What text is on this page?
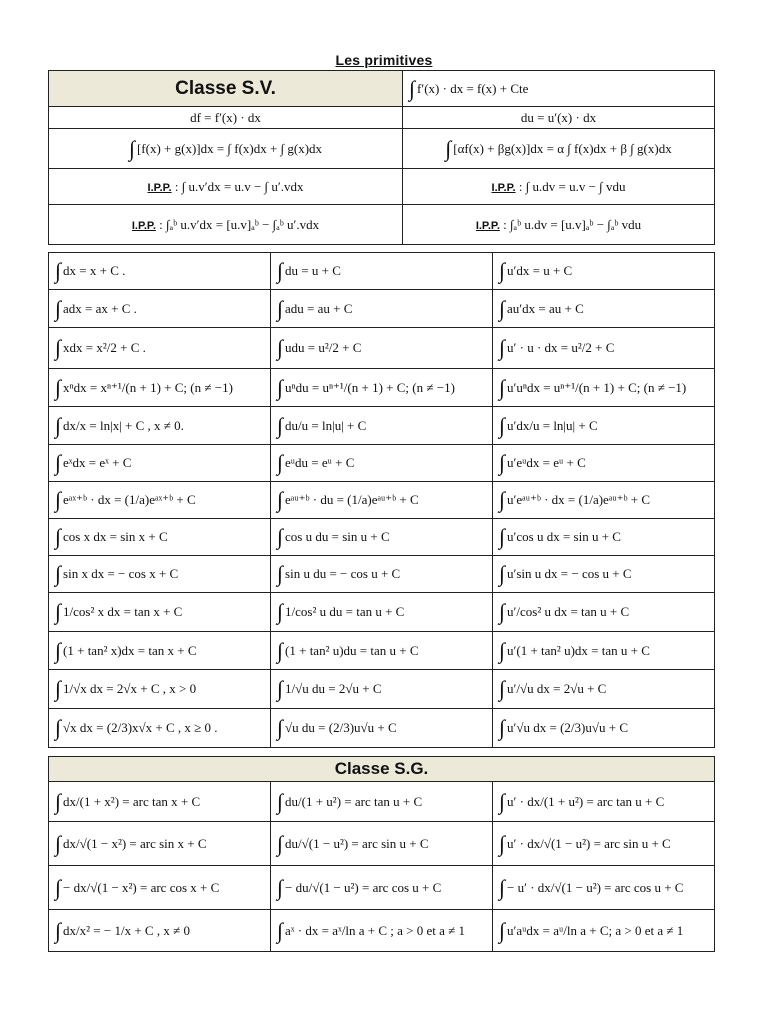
Les primitives
Classe S.V.	∫ f′(x) · dx = f(x) + Cte
df = f′(x) · dx	du = u′(x) · dx
∫ [f(x) + g(x)]dx = ∫ f(x)dx + ∫ g(x)dx	∫ [αf(x) + βg(x)]dx = α ∫ f(x)dx + β ∫ g(x)dx
I.P.P. : ∫ u.v′dx = u.v − ∫ u′.vdx	I.P.P. : ∫ u.dv = u.v − ∫ vdu
I.P.P. : ∫ₐᵇ u.v′dx = [u.v]ₐᵇ − ∫ₐᵇ u′.vdx	I.P.P. : ∫ₐᵇ u.dv = [u.v]ₐᵇ − ∫ₐᵇ vdu
∫ dx = x + C .	∫ du = u + C	∫ u′dx = u + C
∫ adx = ax + C .	∫ adu = au + C	∫ au′dx = au + C
∫ xdx = x²/2 + C .	∫ udu = u²/2 + C	∫ u′ · u · dx = u²/2 + C
∫ xⁿdx = xⁿ⁺¹/(n + 1) + C; (n ≠ −1)	∫ uⁿdu = uⁿ⁺¹/(n + 1) + C; (n ≠ −1)	∫ u′uⁿdx = uⁿ⁺¹/(n + 1) + C; (n ≠ −1)
∫ dx/x = ln|x| + C , x ≠ 0.	∫ du/u = ln|u| + C	∫ u′dx/u = ln|u| + C
∫ eˣdx = eˣ + C	∫ eᵘdu = eᵘ + C	∫ u′eᵘdx = eᵘ + C
∫ eᵃˣ⁺ᵇ · dx = (1/a)eᵃˣ⁺ᵇ + C	∫ eᵃᵘ⁺ᵇ · du = (1/a)eᵃᵘ⁺ᵇ + C	∫ u′eᵃᵘ⁺ᵇ · dx = (1/a)eᵃᵘ⁺ᵇ + C
∫ cos x dx = sin x + C	∫ cos u du = sin u + C	∫ u′cos u dx = sin u + C
∫ sin x dx = − cos x + C	∫ sin u du = − cos u + C	∫ u′sin u dx = − cos u + C
∫ 1/cos² x dx = tan x + C	∫ 1/cos² u du = tan u + C	∫ u′/cos² u dx = tan u + C
∫ (1 + tan² x)dx = tan x + C	∫ (1 + tan² u)du = tan u + C	∫ u′(1 + tan² u)dx = tan u + C
∫ 1/√x dx = 2√x + C , x > 0	∫ 1/√u du = 2√u + C	∫ u′/√u dx = 2√u + C
∫ √x dx = (2/3)x√x + C , x ≥ 0 .	∫ √u du = (2/3)u√u + C	∫ u′√u dx = (2/3)u√u + C
Classe S.G.		
∫ dx/(1 + x²) = arc tan x + C	∫ du/(1 + u²) = arc tan u + C	∫ u′ · dx/(1 + u²) = arc tan u + C
∫ dx/√(1 − x²) = arc sin x + C	∫ du/√(1 − u²) = arc sin u + C	∫ u′ · dx/√(1 − u²) = arc sin u + C
∫ − dx/√(1 − x²) = arc cos x + C	∫ − du/√(1 − u²) = arc cos u + C	∫ − u′ · dx/√(1 − u²) = arc cos u + C
∫ dx/x² = − 1/x + C , x ≠ 0	∫ aˣ · dx = aˣ/ln a + C ; a > 0 et a ≠ 1	∫ u′aᵘdx = aᵘ/ln a + C; a > 0 et a ≠ 1
